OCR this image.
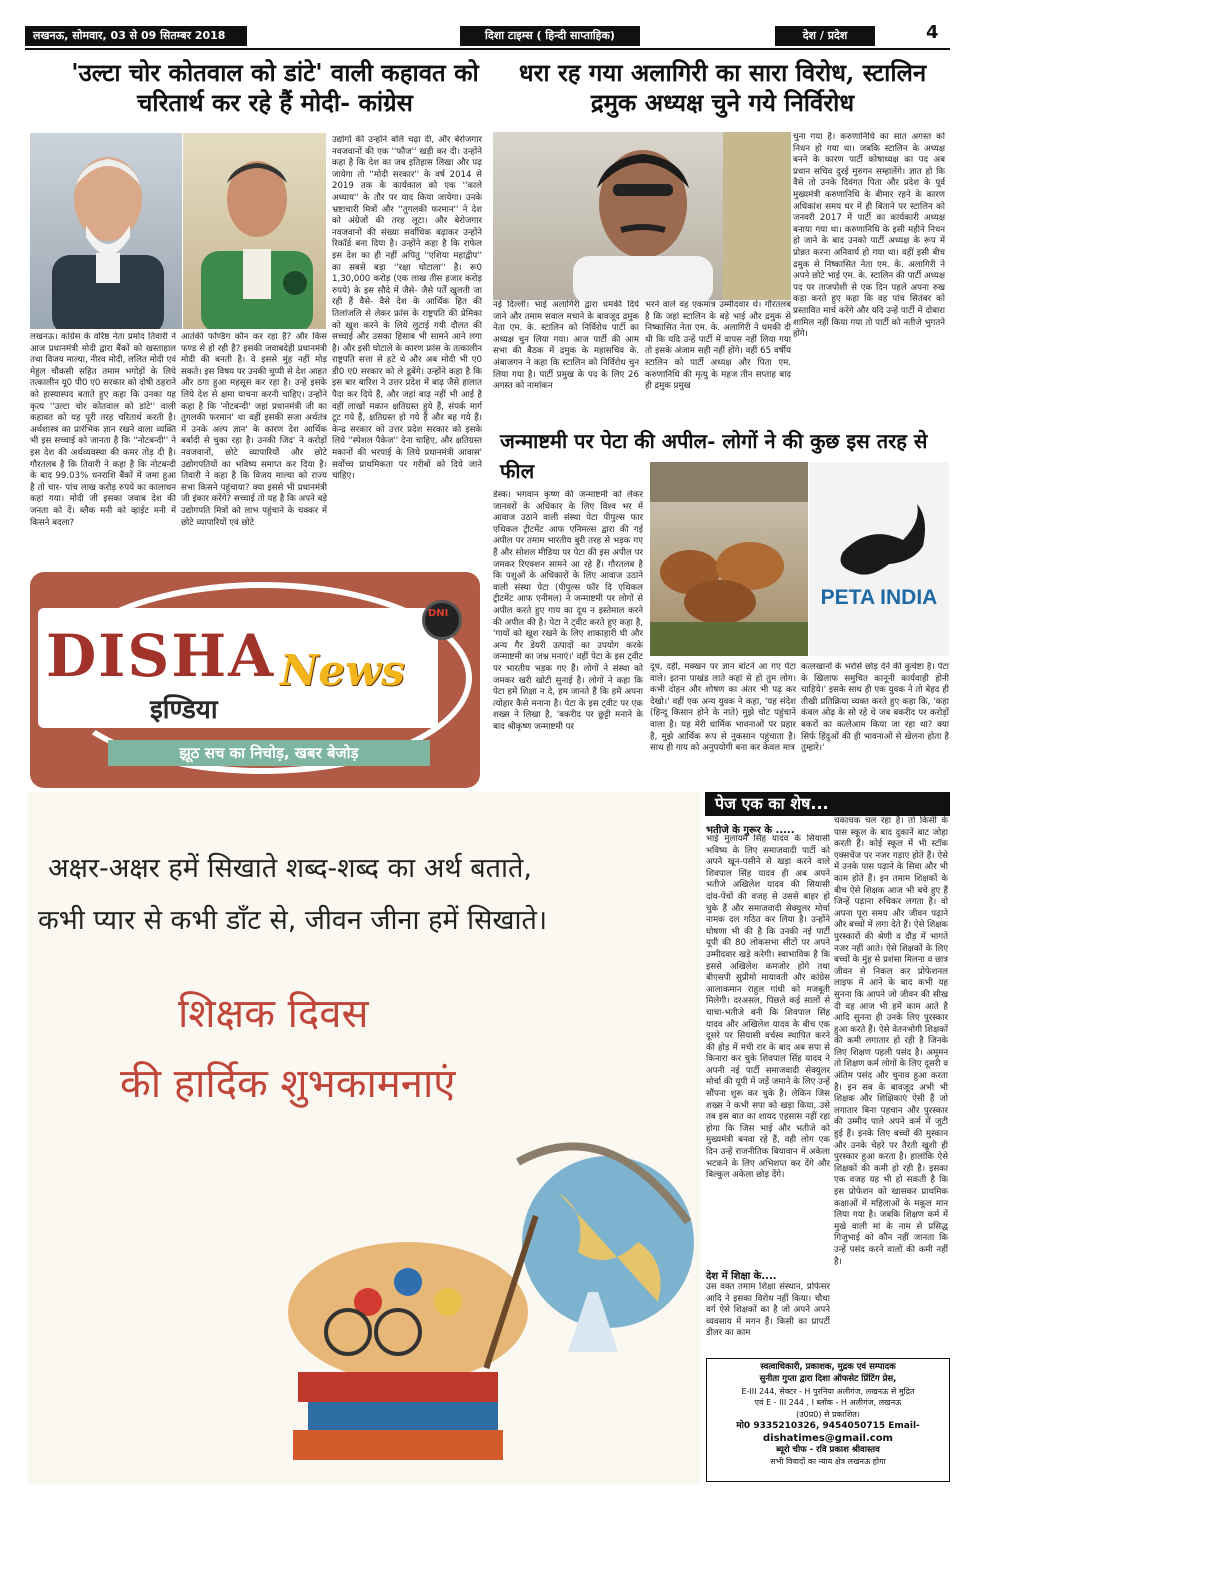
लखनऊ, सोमवार, 03 से 09 सितम्बर 2018	दिशा टाइम्स ( हिन्दी साप्ताहिक)	देश / प्रदेश	4
'उल्टा चोर कोतवाल को डांटे' वाली कहावत को चरितार्थ कर रहे हैं मोदी- कांग्रेस
लखनऊ। कांग्रेस के वरिष्ठ नेता प्रमोद तिवारी ने आज प्रधानमंत्री मोदी द्वारा बैंकों को खस्ताहाल तथा विजय माल्या, नीरव मोदी, ललित मोदी एवं मेहुल चौकसी सहित तमाम भगोड़ों के लिये तत्कालीन यू0 पी0 ए0 सरकार को दोषी ठहराने को हास्यास्पद बताते हुए कहा कि उनका यह कृत्य ''उल्टा चोर कोतवाल को डांटे'' वाली कहावत को यह पूरी तरह चरितार्थ करती है। अर्थशास्त्र का प्रारंभिक ज्ञान रखने वाला व्यक्ति भी इस सच्चाई को जानता है कि ''नोटबन्दी'' ने इस देश की अर्थव्यवस्था की कमर तोड़ दी है। गौरतलब है कि तिवारी ने कहा है कि नोटबन्दी के बाद 99.03% धनराशि बैंकों में जमा हुआ है तो चार- पांच लाख करोड़ रुपये का कालाधन कहां गया। मोदी जी इसका जवाब देश की जनता को दें। ब्लैक मनी को व्हाईट मनी में किसने बदला?
आतंकी फण्डिंग कौन कर रहा है? और किस फण्ड से हो रही है? इसकी जवाबदेही प्रधानमंत्री मोदी की बनती है। वे इससे मुंह नहीं मोड़ सकते। इस विषय पर उनकी चुप्पी से देश आहत और ठगा हुआ महसूस कर रहा है। उन्हें इसके लिये देश से क्षमा याचना करनी चाहिए। उन्होंने कहा है कि 'नोटबन्दी' जहां प्रधानमंत्री जी का तुगलकी फरमान' था वहीं इसकी सजा अर्थतंत्र में उनके अल्प ज्ञान' के कारण देश आर्थिक बर्बादी से चुका रहा है। उनकी जिद' ने करोड़ों नवजवानों, छोटे व्यापारियों और छोटे उद्योगपतियों का भविष्य समाप्त कर दिया है। तिवारी ने कहा है कि विजय माल्या को राज्य सभा किसने पहुंचाया? क्या इससे भी प्रधानमंत्री जी इंकार करेंगे? सच्चाई तो यह है कि अपने बड़े उद्योगपति मित्रों को लाभ पहुंचाने के चक्कर में छोटे व्यापारियों एवं छोटे
उद्योगों की उन्होंने बलि चढ़ा दी, और बेरोजगार नवजवानों की एक ''फौज'' खड़ी कर दी। उन्होंने कहा है कि देश का जब इतिहास लिखा और पढ़ जायेगा तो ''मोदी सरकार'' के वर्ष 2014 से 2019 तक के कार्यकाल को एक ''काले अध्याय'' के तौर पर याद किया जायेगा। उनके भ्रष्टाचारी मित्रों और ''तुगलकी फरमान'' ने देश को अंग्रेजों की तरह लूटा। और बेरोजगार नवजवानों की संख्या सर्वाधिक बढ़ाकर उन्होंने रिकॉर्ड बना दिया है। उन्होंने कहा है कि राफेल इस देश का ही नहीं अपितु ''एशिया महाद्वीप'' का सबसे बड़ा ''रक्षा घोटाला'' है। रू0 1,30,000 करोड़ (एक लाख तीस हजार करोड़ रुपये) के इस सौदे में जैसे- जैसे पर्तें खुलती जा रही हैं वैसे- वैसे देश के आर्थिक हित की तिलांजलि से लेकर फ्रांस के राष्ट्रपति की प्रेमिका को खुश करने के लिये लुटाई गयी दौलत की सच्चाई और उसका हिसाब भी सामने आने लगा है। और इसी घोटाले के कारण फ्रांस के तत्कालीन राष्ट्रपति सत्ता से हटे थे और अब मोदी भी ए0 डी0 ए0 सरकार को ले डूबेंगे। उन्होंने कहा है कि इस बार बारिश ने उत्तर प्रदेश में बाढ़ जैसे हालात पैदा कर दिये हैं, और जहां बाढ़ नहीं भी आई है वहीं लाखों मकान क्षतिग्रस्त हुये हैं, संपर्क मार्ग टूट गये हैं, क्षतिग्रस्त हो गये हैं और बह गये हैं। केन्द्र सरकार को उत्तर प्रदेश सरकार को इसके लिये ''स्पेशल पैकेज'' देना चाहिए, और क्षतिग्रस्त मकानों की भरपाई के लिये प्रधानमंत्री आवास' सर्वोच्च प्राथमिकता पर गरीबों को दिये जाने चाहिए।
धरा रह गया अलागिरी का सारा विरोध, स्टालिन द्रमुक अध्यक्ष चुने गये निर्विरोध
चुना गया है। करुणानिधि का सात अगस्त को निधन हो गया था। जबकि स्टालिन के अध्यक्ष बनने के कारण पार्टी कोषाध्यक्ष का पद अब प्रधान सचिव दुरई मुरुगन सम्हालेंगे। ज्ञात हो कि वैसे तो उनके दिवंगत पिता और प्रदेश के पूर्व मुख्यमंत्री करुणानिधि के बीमार रहने के कारण अधिकांश समय घर में ही बिताने पर स्टालिन को जनवरी 2017 में पार्टी का कार्यकारी अध्यक्ष बनाया गया था। करुणानिधि के इसी महीने निधन हो जाने के बाद उनको पार्टी अध्यक्ष के रूप में प्रोन्नत करना अनिवार्य हो गया था। वहीं इसी बीच द्रमुक से निष्कासित नेता एम. के. अलागिरी ने अपने छोटे भाई एम. के. स्टालिन की पार्टी अध्यक्ष पद पर ताजपोशी से एक दिन पहले अपना रुख कड़ा करते हुए कहा कि वह पांच सितंबर को प्रस्तावित मार्च करेंगे और यदि उन्हें पार्टी में दोबारा शामिल नहीं किया गया तो पार्टी को नतीजे भुगतने होंगे।
नई दिल्ली। भाई अलागिरी द्वारा धमकी दिये जाने और तमाम सवाल मचाने के बावजूद द्रमुक नेता एम. के. स्टालिन को निर्विरोध पार्टी का अध्यक्ष चुन लिया गया। आज पार्टी की आम सभा की बैठक में द्रमुक के महासचिव के. अंबाजगन ने कहा कि स्टालिन को निर्विरोध चुन लिया गया है। पार्टी प्रमुख के पद के लिए 26 अगस्त को नामांकन
भरने वाले वह एकमात्र उम्मीदवार थे। गौरतलब है कि जहां स्टालिन के बड़े भाई और द्रमुक से निष्कासित नेता एम. के. अलागिरी ने धमकी दी थी कि यदि उन्हें पार्टी में वापस नहीं लिया गया तो इसके अंजाम सही नहीं होंगे। वहीं 65 वर्षीय स्टालिन को पार्टी अध्यक्ष और पिता एम. करुणानिधि की मृत्यु के महज तीन सप्ताह बाद ही द्रमुक प्रमुख
जन्माष्टमी पर पेटा की अपील- लोगों ने की कुछ इस तरह से फील
डेस्क। भगवान कृष्ण की जन्माष्टमी को लेकर जानवरों के अधिकार के लिए विश्व भर में आवाज उठाने वाली संस्था पेटा पीपुल्स फार एथिकल ट्रीटमेंट आफ एनिमल्स द्वारा की गई अपील पर तमाम भारतीय बुरी तरह से भड़क गए हैं और सोशल मीडिया पर पेटा की इस अपील पर जमकर रिएक्शन सामने आ रहे हैं। गौरतलब है कि पशुओं के अधिकारों के लिए आवाज उठाने वाली संस्था पेटा (पीपुल्स फॉर दि एथिकल ट्रीटमेंट आफ एनीमल) ने जन्माष्टमी पर लोगों से अपील करते हुए गाय का दूध न इस्तेमाल करने की अपील की है। पेटा ने ट्वीट करते हुए कहा है, 'गायों को खुश रखने के लिए शाकाहारी घी और अन्य गैर डेयरी उत्पादों का उपयोग करके जन्माष्टमी का जश्न मनाएं।' वहीं पेटा के इस ट्वीट पर भारतीय भड़क गए हैं। लोगों ने संस्था को जमकर खरी खोटी सुनाई है। लोगों ने कहा कि पेटा हमें शिक्षा न दे, हम जानते हैं कि हमें अपना त्योहार कैसे मनाना है। पेटा के इस ट्वीट पर एक शख्स ने लिखा है, 'बकरीद पर छुट्टी मनाने के बाद श्रीकृष्ण जन्माष्टमी पर
PETA INDIA
दूध, दही, मक्खन पर ज्ञान बांटने आ गए पेटा वाले। इतना पाखंड लाते कहां से हो तुम लोग। कभी दोहन और शोषण का अंतर भी पढ़ कर देखो।' वहीं एक अन्य युवक ने कहा, 'यह संदेश (हिन्दू किसान होने के नाते) मुझे चोट पहुंचाने वाला है। यह मेरी धार्मिक भावनाओं पर प्रहार है, मुझे आर्थिक रूप से नुकसान पहुंचाता है। साथ ही गाय को अनुपयोगी बना कर केवल मात्र
कत्लखानों के भरोसे छोड़ देने की कुचेष्टा है। पेटा के खिलाफ समुचित कानूनी कार्यवाही होनी चाहिये।' इसके साथ ही एक युवक ने तो बेहद ही तीखी प्रतिक्रिया व्यक्त करते हुए कहा कि, 'कहा कंबल ओढ़ के सो रहे थे जब बकरीद पर करोड़ों बकरों का कत्लेआम किया जा रहा था? क्या सिर्फ हिंदुओं की ही भावनाओं से खेलना होता है तुम्हारे।'
DISHA News
DNI
इण्डिया
झूठ सच का निचोड़, खबर बेजोड़
अक्षर-अक्षर हमें सिखाते शब्द-शब्द का अर्थ बताते,
कभी प्यार से कभी डाँट से, जीवन जीना हमें सिखाते।
शिक्षक दिवस
की हार्दिक शुभकामनाएं
पेज एक का शेष...
भतीजे के गुरूर के .....
भाई मुलायम सिंह यादव के सियासी भविष्य के लिए समाजवादी पार्टी को अपने खून-पसीने से खड़ा करने वाले शिवपाल सिंह यादव ही अब अपने भतीजे अखिलेश यादव की सियासी दांव-पेंचों की वजह से उससे बाहर हो चुके हैं और समाजवादी सेक्युलर मोर्चा नामक दल गठित कर लिया है। उन्होंने घोषणा भी की है कि उनकी नई पार्टी यूपी की 80 लोकसभा सीटों पर अपने उम्मीदवार खड़े करेगी। स्वाभाविक है कि इससे अखिलेश कमजोर होंगे तथा बीएसपी सुप्रीमो मायावती और कांग्रेस आलाकमान राहुल गांधी को मजबूती मिलेगी। दरअसल, पिछले कई सालों से चाचा-भतीजे बनी कि शिवपाल सिंह यादव और अखिलेश यादव के बीच एक दूसरे पर सियासी वर्चस्व स्थापित करने की होड़ में मची रार के बाद अब सपा से किनारा कर चुके शिवपाल सिंह यादव ने अपनी नई पार्टी समाजवादी सेक्युलर मोर्चा की यूपी में जड़ें जमाने के लिए उन्हें सौंपना शुरू कर चुके हैं। लेकिन जिस शख्स ने कभी सपा को खड़ा किया, उसे तब इस बात का शायद एहसास नहीं रहा होगा कि जिस भाई और भतीजे को मुख्यमंत्री बनवा रहे हैं, वही लोग एक दिन उन्हें राजनीतिक बियावान में अकेला भटकने के लिए अभिशप्त कर देंगे और बिल्कुल अकेला छोड़ देंगे।
देश में शिक्षा के....
उस वक्त तमाम शिक्षा संस्थान, प्रोफेसर आदि ने इसका विरोध नहीं किया। चौथा वर्ग ऐसे शिक्षकों का है जो अपने अपने व्यवसाय में मगन हैं। किसी का प्रापर्टी डीलर का काम
चकाचक चल रहा है। तो किसी के पास स्कूल के बाद दुकानें बाट जोहा करती हैं। कोई स्कूल में भी स्टॉक एक्सचेंज पर नजर गड़ाए होते हैं। ऐसे में उनके पास पढ़ाने के सिवा और भी काम होते हैं। इन तमाम शिक्षकों के बीच ऐसे शिक्षक आज भी बचे हुए हैं जिन्हें पढ़ाना रुचिकर लगता है। वो अपना पूरा समय और जीवन पढ़ाने और बच्चों में लगा देते हैं। ऐसे शिक्षक पुरस्कारों की श्रेणी व दौड़ में भागते नजर नहीं आते। ऐसे शिक्षकों के लिए बच्चों के मुंह से प्रशंसा मिलना व छात्र जीवन से निकल कर प्रोफेशनल लाइफ में आने के बाद कभी यह सुनना कि आपने जो जीवन की सीख दी वह आज भी हमें काम आते है आदि सुनना ही उनके लिए पुरस्कार हुआ करते हैं। ऐसे वेतनभोगी शिक्षकों की कमी लगातार हो रही है जिनके लिए शिक्षण पहली पसंद है। अमूमन तो शिक्षण कर्म लोगों के लिए दूसरी व अंतिम पसंद और चुनाव हुआ करता है। इन सब के बावजूद अभी भी शिक्षक और शिक्षिकाएं ऐसी हैं जो लगातार बिना पहचान और पुरस्कार की उम्मीद पाले अपने कर्म में जुटी हुई हैं। इनके लिए बच्चों की मुस्कान और उनके चेहरे पर तैरती खुशी ही पुरस्कार हुआ करता है। हालांकि ऐसे शिक्षकों की कमी हो रही है। इसका एक वजह यह भी हो सकती है कि इस प्रोफेशन को खासकर प्राथमिक कक्षाओं में महिलाओं के मकूल मान लिया गया है। जबकि शिक्षण कर्म में मुखे वाली मां के नाम से प्रसिद्ध गिजुभाई को कौन नहीं जानता कि उन्हें पसंद करने वालों की कमी नहीं है।
स्वत्वाधिकारी, प्रकाशक, मुद्रक एवं सम्पादक
सुनीता गुप्ता द्वारा दिशा ऑफसेट प्रिंटिंग प्रेस,
E-III 244, सेक्टर - H पुरनिया अलीगंज, लखनऊ से मुद्रित
एवं E - III 244 , I ब्लॉक - H अलीगंज, लखनऊ
(उ0प्र0) से प्रकाशित।
मो0 9335210326, 9454050715 Email-
dishatimes@gmail.com
ब्यूरो चीफ - रवि प्रकाश श्रीवास्तव
सभी विवादों का न्याय क्षेत्र लखनऊ होगा
